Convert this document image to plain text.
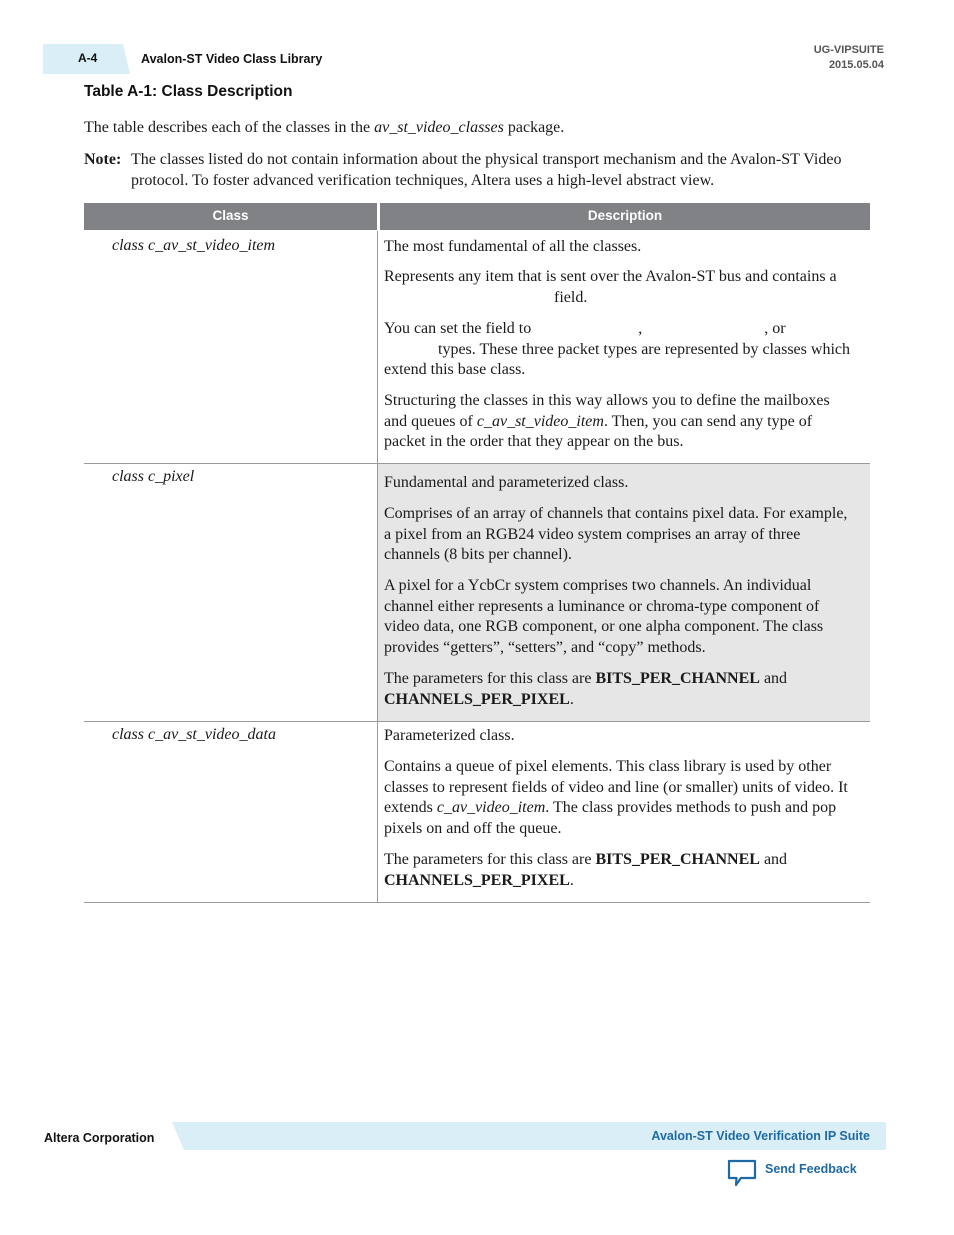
A-4	Avalon-ST Video Class Library
UG-VIPSUITE
2015.05.04
Table A-1: Class Description
The table describes each of the classes in the av_st_video_classes package.
Note: The classes listed do not contain information about the physical transport mechanism and the Avalon-ST Video protocol. To foster advanced verification techniques, Altera uses a high-level abstract view.
Class	Description
class c_av_st_video_item	The most fundamental of all the classes.
Represents any item that is sent over the Avalon-ST bus and contains a
field.
You can set the field to	,	, or

types. These three packet types are represented by classes which extend this base class.
Structuring the classes in this way allows you to define the mailboxes and queues of c_av_st_video_item. Then, you can send any type of packet in the order that they appear on the bus.
class c_pixel	Fundamental and parameterized class.
Comprises of an array of channels that contains pixel data. For example, a pixel from an RGB24 video system comprises an array of three channels (8 bits per channel).
A pixel for a YcbCr system comprises two channels. An individual channel either represents a luminance or chroma-type component of video data, one RGB component, or one alpha component. The class provides “getters”, “setters”, and “copy” methods.
The parameters for this class are BITS_PER_CHANNEL and
CHANNELS_PER_PIXEL.
class c_av_st_video_data	Parameterized class.
Contains a queue of pixel elements. This class library is used by other classes to represent fields of video and line (or smaller) units of video. It extends c_av_video_item. The class provides methods to push and pop pixels on and off the queue.
The parameters for this class are BITS_PER_CHANNEL and
CHANNELS_PER_PIXEL.
Altera Corporation	Avalon-ST Video Verification IP Suite
Send Feedback
